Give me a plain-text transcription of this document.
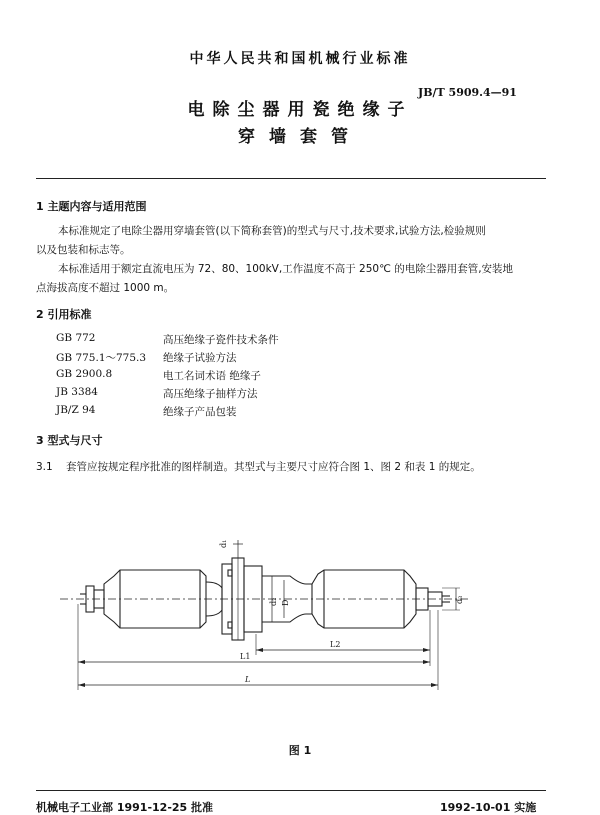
中华人民共和国机械行业标准
JB/T 5909.4—91
电除尘器用瓷绝缘子
穿墙套管
1 主题内容与适用范围
本标准规定了电除尘器用穿墙套管(以下简称套管)的型式与尺寸,技术要求,试验方法,检验规则
以及包装和标志等。
本标准适用于额定直流电压为 72、80、100kV,工作温度不高于 250℃ 的电除尘器用套管,安装地
点海拔高度不超过 1000 m。
2 引用标准
GB 772	高压绝缘子瓷件技术条件
GB 775.1～775.3 绝缘子试验方法
GB 2900.8	电工名词术语 绝缘子
JB 3384	高压绝缘子抽样方法
JB/Z 94	绝缘子产品包装
3 型式与尺寸
3.1	套管应按规定程序批准的图样制造。其型式与主要尺寸应符合图 1、图 2 和表 1 的规定。
d₁
d₂ D	d₃
L2
L1
L
图 1
机械电子工业部 1991-12-25 批准	1992-10-01 实施
